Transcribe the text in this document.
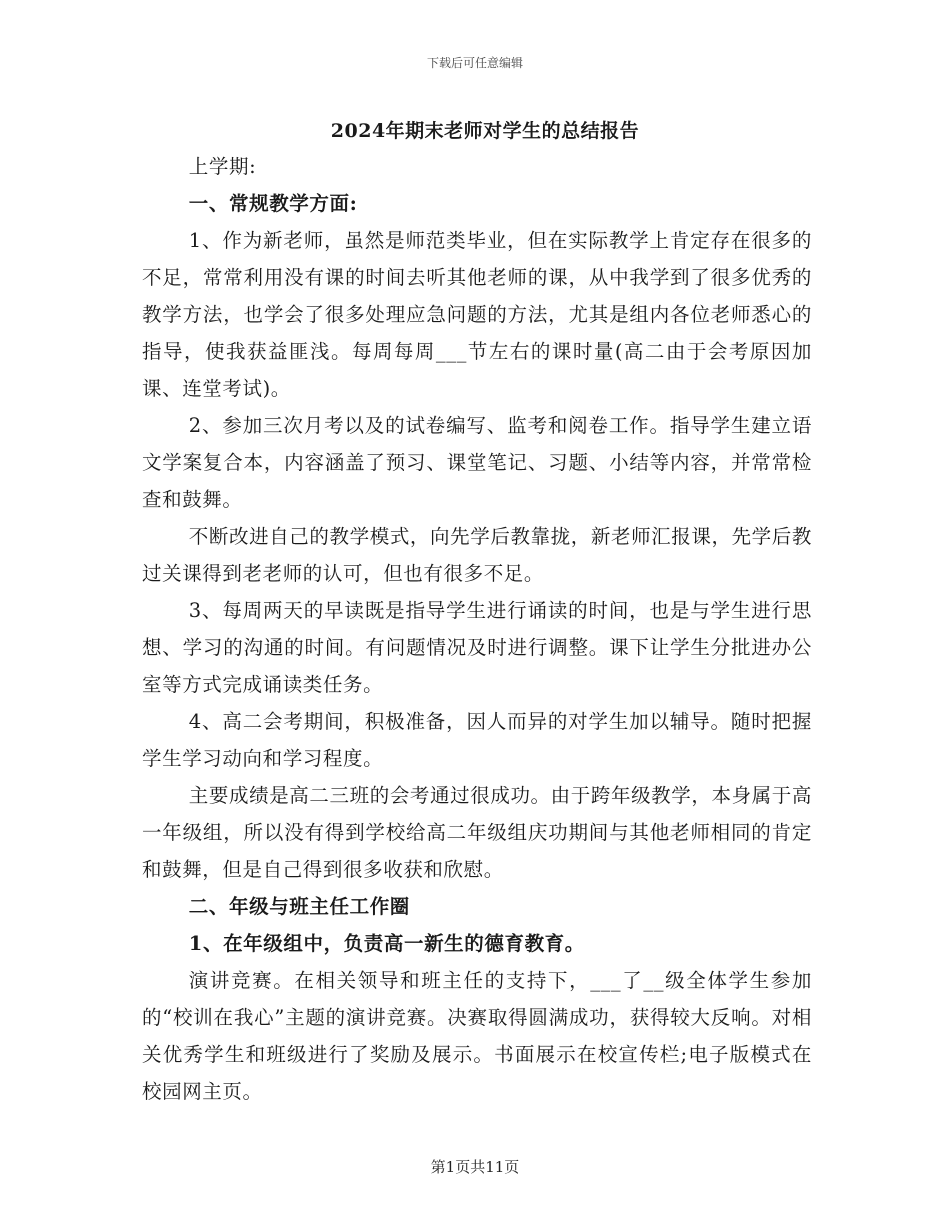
下载后可任意编辑
2024年期末老师对学生的总结报告

上学期:

一、常规教学方面:

1、作为新老师，虽然是师范类毕业，但在实际教学上肯定存在很多的不足，常常利用没有课的时间去听其他老师的课，从中我学到了很多优秀的教学方法，也学会了很多处理应急问题的方法，尤其是组内各位老师悉心的指导，使我获益匪浅。每周每周___节左右的课时量(高二由于会考原因加课、连堂考试)。

2、参加三次月考以及的试卷编写、监考和阅卷工作。指导学生建立语文学案复合本，内容涵盖了预习、课堂笔记、习题、小结等内容，并常常检查和鼓舞。

不断改进自己的教学模式，向先学后教靠拢，新老师汇报课，先学后教过关课得到老老师的认可，但也有很多不足。

3、每周两天的早读既是指导学生进行诵读的时间，也是与学生进行思想、学习的沟通的时间。有问题情况及时进行调整。课下让学生分批进办公室等方式完成诵读类任务。

4、高二会考期间，积极准备，因人而异的对学生加以辅导。随时把握学生学习动向和学习程度。

主要成绩是高二三班的会考通过很成功。由于跨年级教学，本身属于高一年级组，所以没有得到学校给高二年级组庆功期间与其他老师相同的肯定和鼓舞，但是自己得到很多收获和欣慰。

二、年级与班主任工作圈

1、在年级组中，负责高一新生的德育教育。

演讲竞赛。在相关领导和班主任的支持下，___了__级全体学生参加的“校训在我心”主题的演讲竞赛。决赛取得圆满成功，获得较大反响。对相关优秀学生和班级进行了奖励及展示。书面展示在校宣传栏;电子版模式在校园网主页。

第1页共11页
